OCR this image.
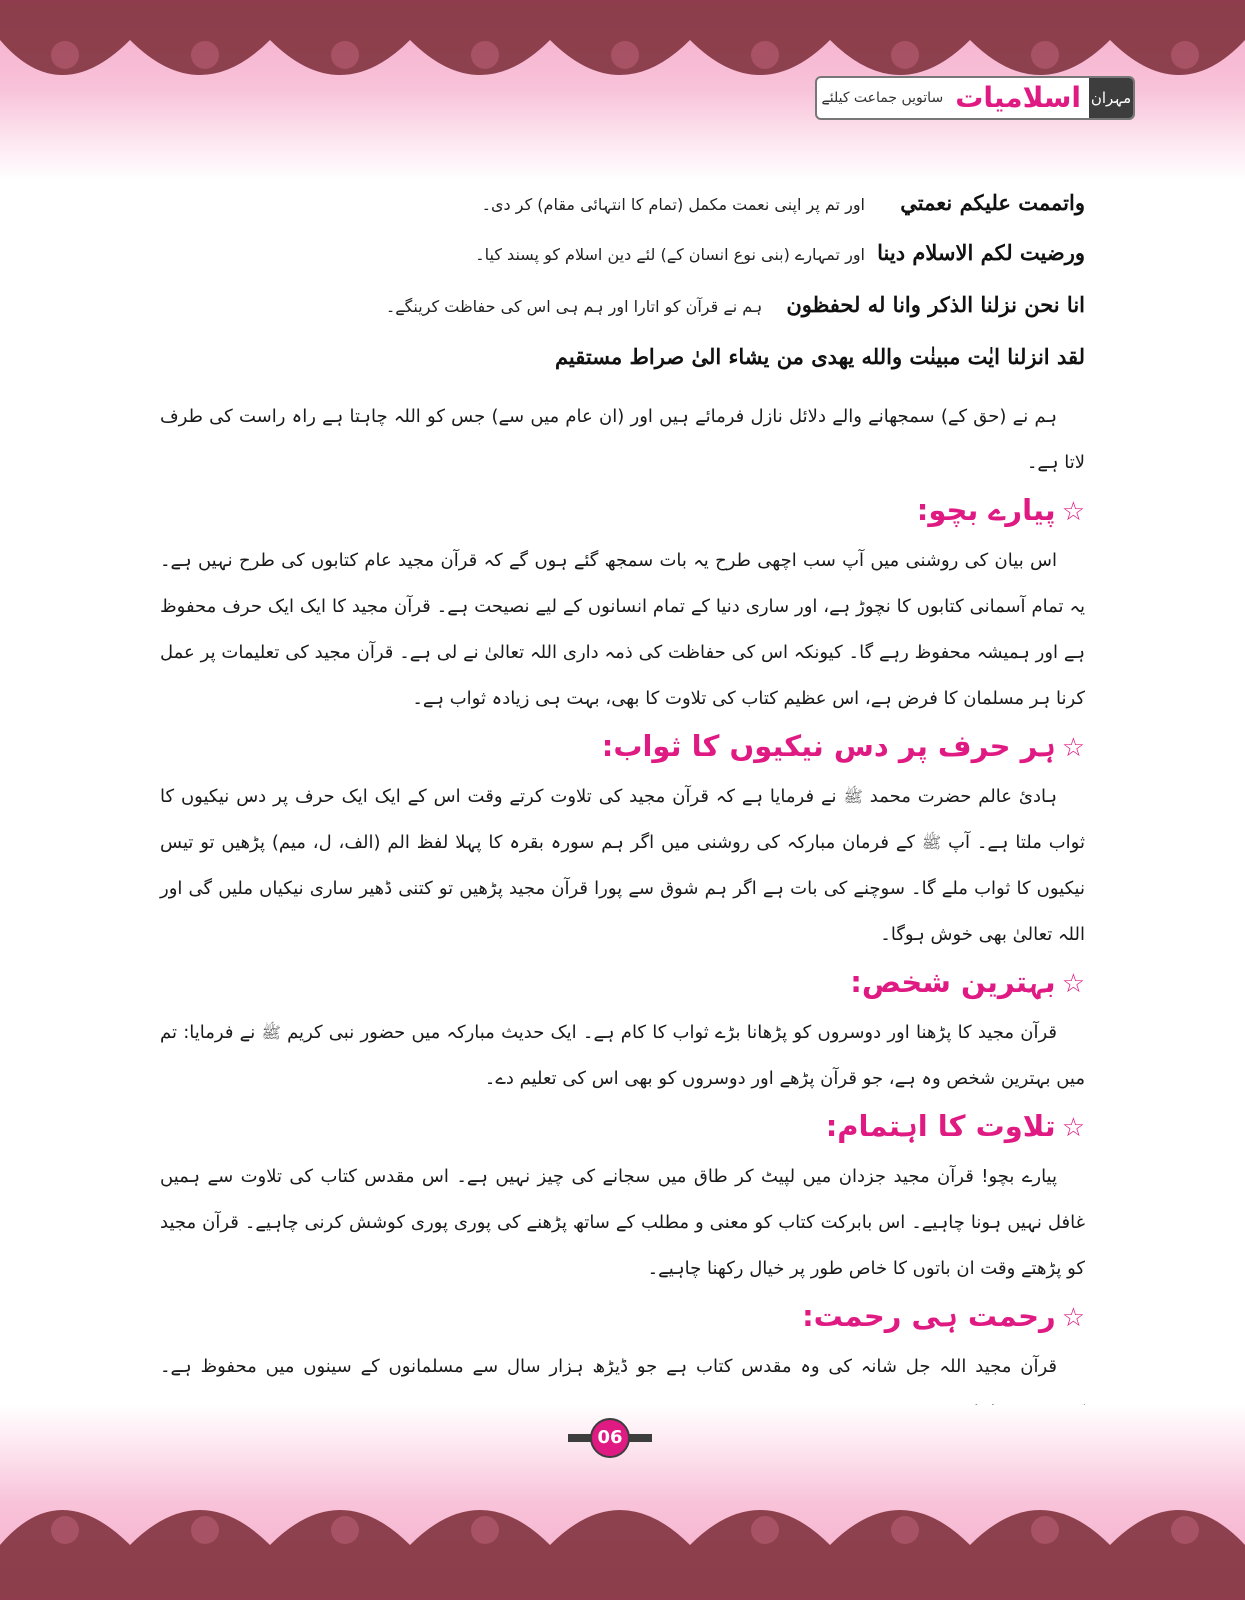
مہران
اسلامیات
ساتویں جماعت کیلئے
واتممت عليكم نعمتي
اور تم پر اپنی نعمت مکمل (تمام کا انتہائی مقام) کر دی۔
ورضيت لكم الاسلام دينا
اور تمہارے (بنی نوع انسان کے) لئے دین اسلام کو پسند کیا۔
انا نحن نزلنا الذكر وانا له لحفظون
ہم نے قرآن کو اتارا اور ہم ہی اس کی حفاظت کرینگے۔
لقد انزلنا ايٰت مبينٰت والله يهدى من يشاء الىٰ صراط مستقيم

ہم نے (حق کے) سمجھانے والے دلائل نازل فرمائے ہیں اور (ان عام میں سے) جس کو اللہ چاہتا ہے راہ راست کی طرف لاتا ہے۔

☆پیارے بچو:

اس بیان کی روشنی میں آپ سب اچھی طرح یہ بات سمجھ گئے ہوں گے کہ قرآن مجید عام کتابوں کی طرح نہیں ہے۔ یہ تمام آسمانی کتابوں کا نچوڑ ہے، اور ساری دنیا کے تمام انسانوں کے لیے نصیحت ہے۔ قرآن مجید کا ایک ایک حرف محفوظ ہے اور ہمیشہ محفوظ رہے گا۔ کیونکہ اس کی حفاظت کی ذمہ داری اللہ تعالیٰ نے لی ہے۔ قرآن مجید کی تعلیمات پر عمل کرنا ہر مسلمان کا فرض ہے، اس عظیم کتاب کی تلاوت کا بھی، بہت ہی زیادہ ثواب ہے۔

☆ہر حرف پر دس نیکیوں کا ثواب:

ہادیٔ عالم حضرت محمد ﷺ نے فرمایا ہے کہ قرآن مجید کی تلاوت کرتے وقت اس کے ایک ایک حرف پر دس نیکیوں کا ثواب ملتا ہے۔ آپ ﷺ کے فرمان مبارکہ کی روشنی میں اگر ہم سورہ بقرہ کا پہلا لفظ الم (الف، ل، میم) پڑھیں تو تیس نیکیوں کا ثواب ملے گا۔ سوچنے کی بات ہے اگر ہم شوق سے پورا قرآن مجید پڑھیں تو کتنی ڈھیر ساری نیکیاں ملیں گی اور اللہ تعالیٰ بھی خوش ہوگا۔

☆بہترین شخص:

قرآن مجید کا پڑھنا اور دوسروں کو پڑھانا بڑے ثواب کا کام ہے۔ ایک حدیث مبارکہ میں حضور نبی کریم ﷺ نے فرمایا: تم میں بہترین شخص وہ ہے، جو قرآن پڑھے اور دوسروں کو بھی اس کی تعلیم دے۔

☆تلاوت کا اہتمام:

پیارے بچو! قرآن مجید جزدان میں لپیٹ کر طاق میں سجانے کی چیز نہیں ہے۔ اس مقدس کتاب کی تلاوت سے ہمیں غافل نہیں ہونا چاہیے۔ اس بابرکت کتاب کو معنی و مطلب کے ساتھ پڑھنے کی پوری پوری کوشش کرنی چاہیے۔ قرآن مجید کو پڑھتے وقت ان باتوں کا خاص طور پر خیال رکھنا چاہیے۔

☆رحمت ہی رحمت:

قرآن مجید اللہ جل شانہ کی وہ مقدس کتاب ہے جو ڈیڑھ ہزار سال سے مسلمانوں کے سینوں میں محفوظ ہے۔

06
